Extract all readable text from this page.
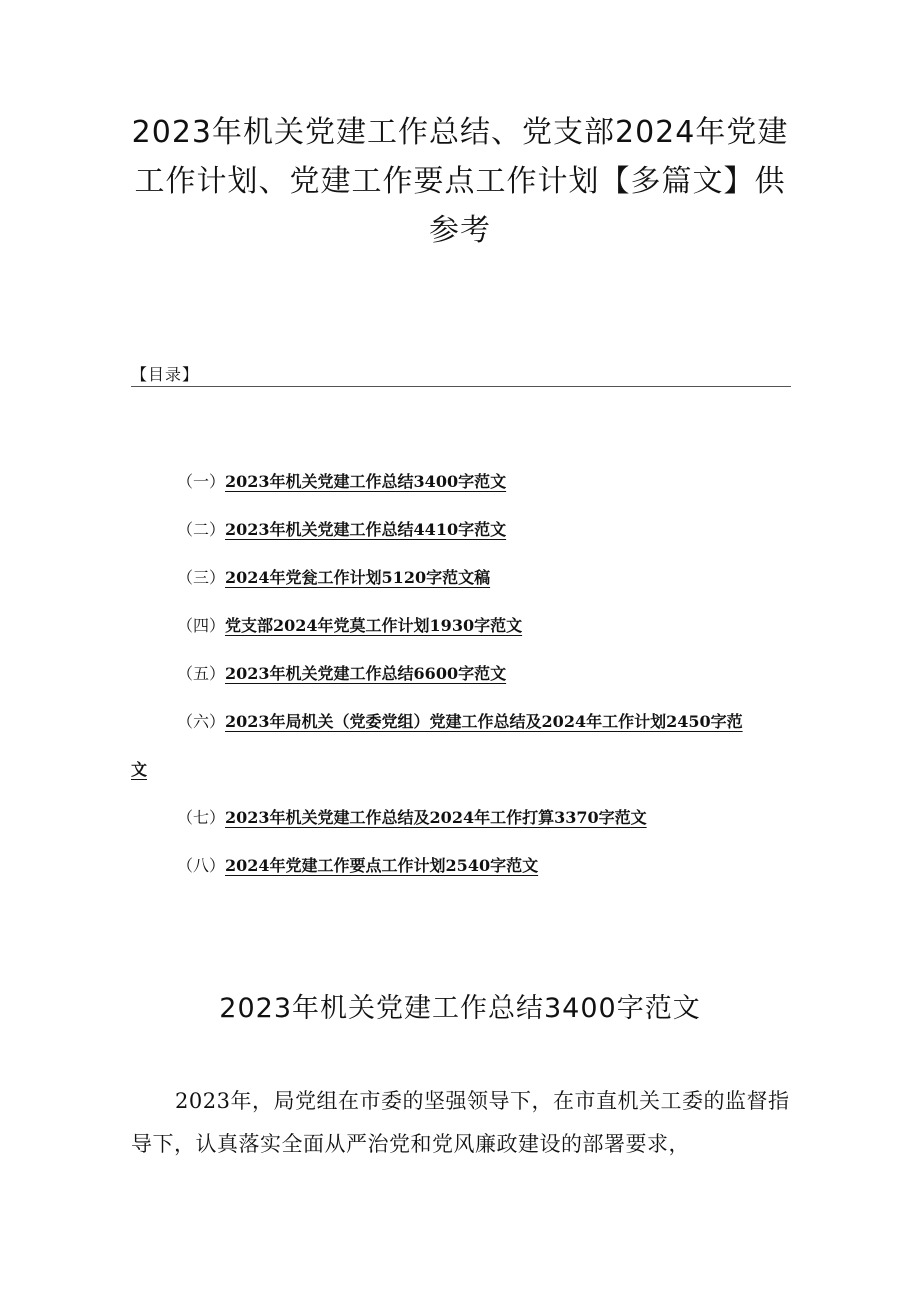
2023年机关党建工作总结、党支部2024年党建工作计划、党建工作要点工作计划【多篇文】供参考
【目录】
（一）2023年机关党建工作总结3400字范文
（二）2023年机关党建工作总结4410字范文
（三）2024年党瓮工作计划5120字范文稿
（四）党支部2024年党莫工作计划1930字范文
（五）2023年机关党建工作总结6600字范文
（六）2023年局机关（党委党组）党建工作总结及2024年工作计划2450字范文
（七）2023年机关党建工作总结及2024年工作打算3370字范文
（八）2024年党建工作要点工作计划2540字范文
2023年机关党建工作总结3400字范文

2023年，局党组在市委的坚强领导下，在市直机关工委的监督指导下，认真落实全面从严治党和党风廉政建设的部署要求，
